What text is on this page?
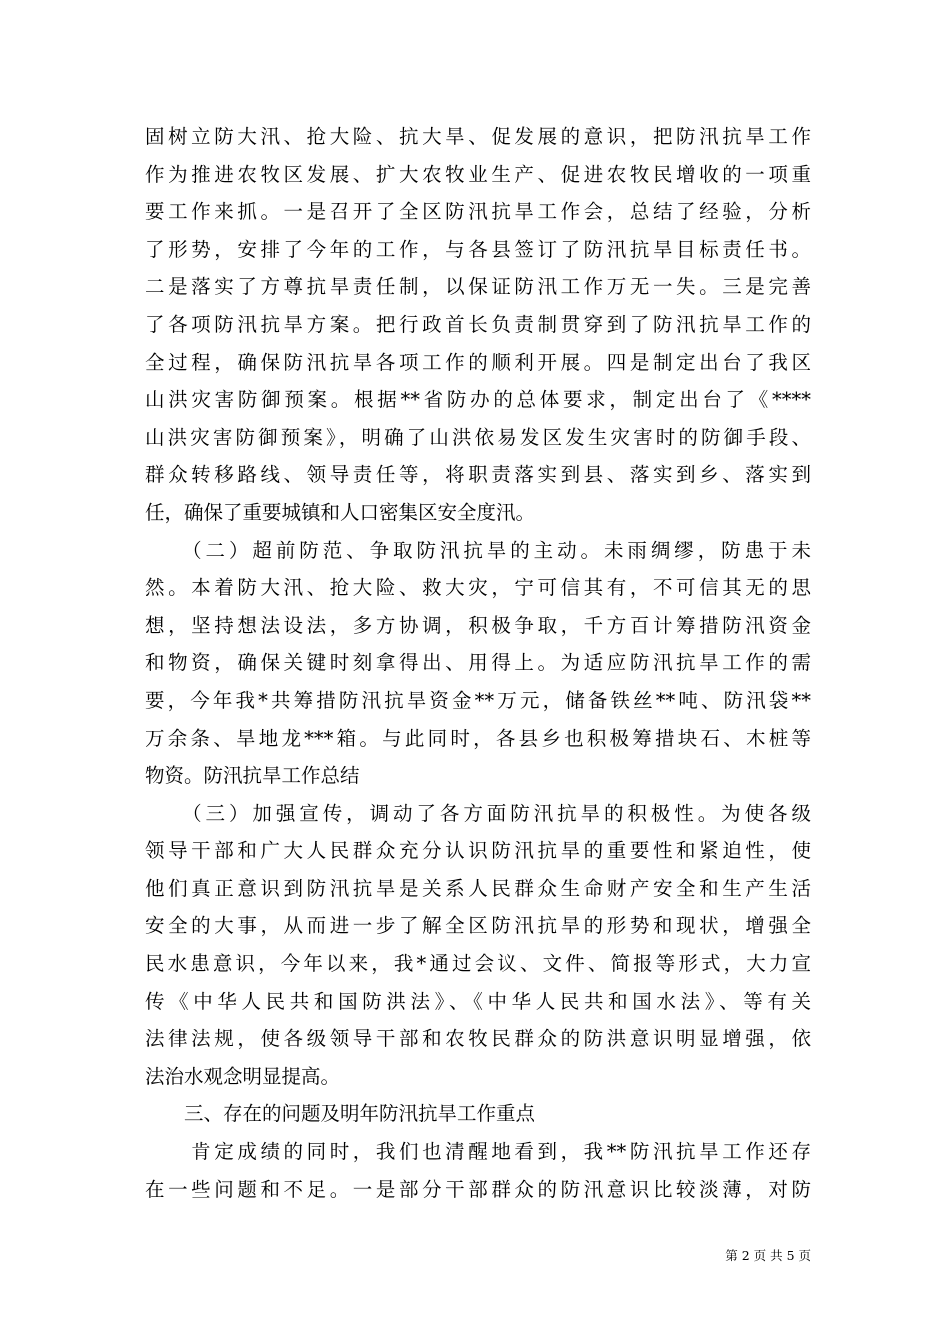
固树立防大汛、抢大险、抗大旱、促发展的意识，把防汛抗旱工作
作为推进农牧区发展、扩大农牧业生产、促进农牧民增收的一项重
要工作来抓。一是召开了全区防汛抗旱工作会，总结了经验，分析
了形势，安排了今年的工作，与各县签订了防汛抗旱目标责任书。
二是落实了方尊抗旱责任制，以保证防汛工作万无一失。三是完善
了各项防汛抗旱方案。把行政首长负责制贯穿到了防汛抗旱工作的
全过程，确保防汛抗旱各项工作的顺利开展。四是制定出台了我区
山洪灾害防御预案。根据**省防办的总体要求，制定出台了《****
山洪灾害防御预案》，明确了山洪依易发区发生灾害时的防御手段、
群众转移路线、领导责任等，将职责落实到县、落实到乡、落实到
任，确保了重要城镇和人口密集区安全度汛。
　　（二）超前防范、争取防汛抗旱的主动。未雨绸缪，防患于未
然。本着防大汛、抢大险、救大灾，宁可信其有，不可信其无的思
想，坚持想法设法，多方协调，积极争取，千方百计筹措防汛资金
和物资，确保关键时刻拿得出、用得上。为适应防汛抗旱工作的需
要，今年我*共筹措防汛抗旱资金**万元，储备铁丝**吨、防汛袋**
万余条、旱地龙***箱。与此同时，各县乡也积极筹措块石、木桩等
物资。防汛抗旱工作总结
　　（三）加强宣传，调动了各方面防汛抗旱的积极性。为使各级
领导干部和广大人民群众充分认识防汛抗旱的重要性和紧迫性，使
他们真正意识到防汛抗旱是关系人民群众生命财产安全和生产生活
安全的大事，从而进一步了解全区防汛抗旱的形势和现状，增强全
民水患意识，今年以来，我*通过会议、文件、简报等形式，大力宣
传《中华人民共和国防洪法》、《中华人民共和国水法》、等有关
法律法规，使各级领导干部和农牧民群众的防洪意识明显增强，依
法治水观念明显提高。
　　三、存在的问题及明年防汛抗旱工作重点
　　肯定成绩的同时，我们也清醒地看到，我**防汛抗旱工作还存
在一些问题和不足。一是部分干部群众的防汛意识比较淡薄，对防
第 2 页 共 5 页
